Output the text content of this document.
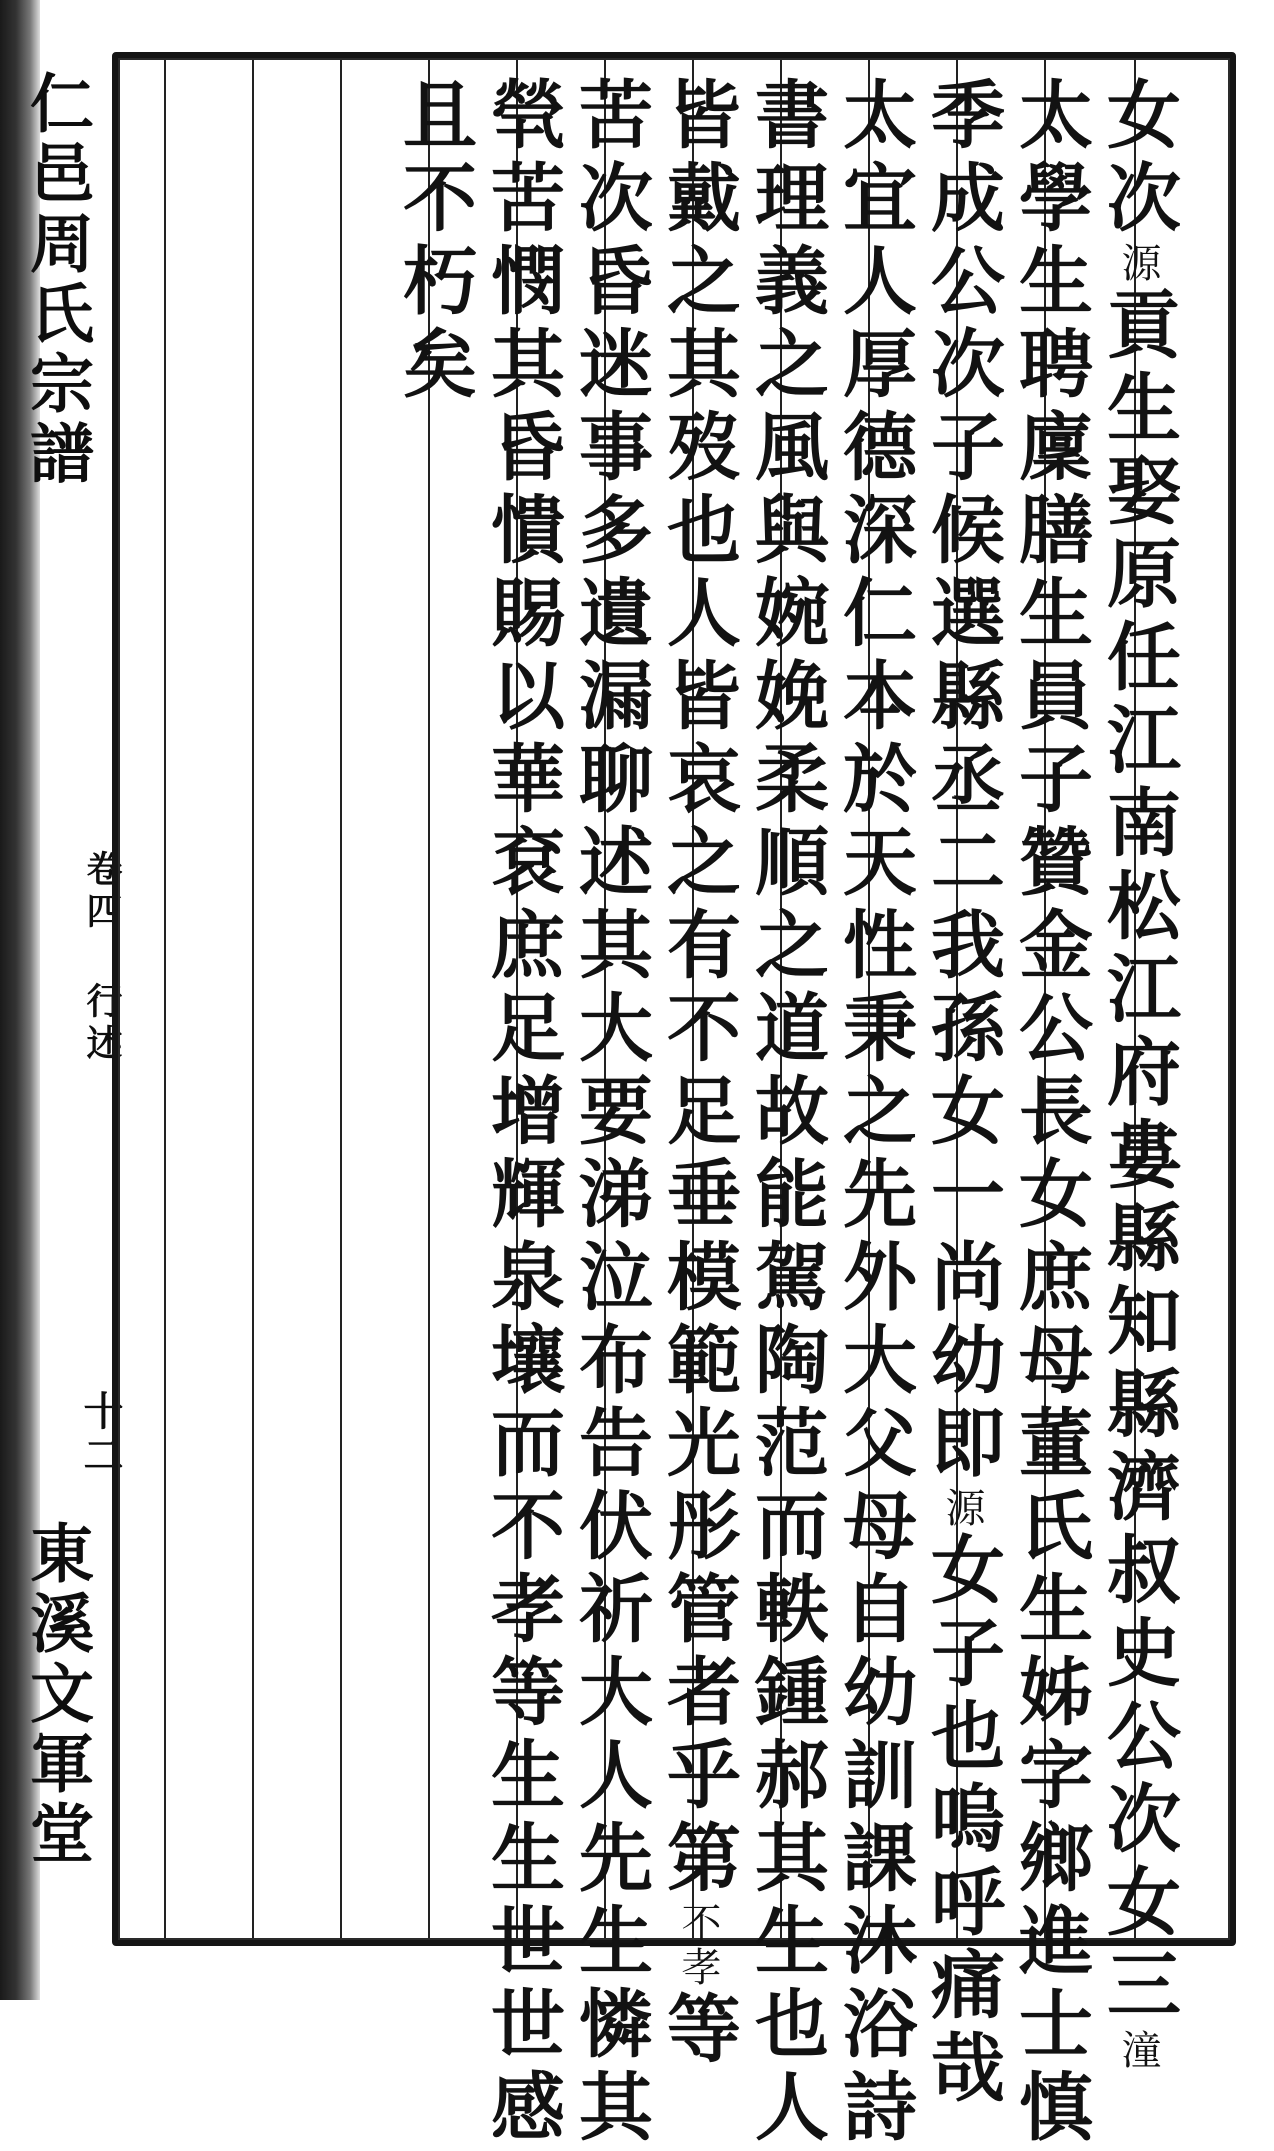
仁邑周氏宗譜
卷四 行述
十二
東溪文軍堂
女次源貢生娶原任江南松江府婁縣知縣濟叔史公次女三潼
太學生聘廩膳生員子贊金公長女庶母董氏生姊字鄉進士慎
季成公次子候選縣丞二我孫女一尚幼即源女子也嗚呼痛哉
太宜人厚德深仁本於天性秉之先外大父母自幼訓課沐浴詩
書理義之風與婉娩柔順之道故能駕陶范而軼鍾郝其生也人
皆戴之其歿也人皆哀之有不足垂模範光彤管者乎第不孝等
苦次昏迷事多遺漏聊述其大要涕泣布告伏祈大人先生憐其
煢苦憫其昏憒賜以華袞庶足增輝泉壤而不孝等生生世世感
且不朽矣
